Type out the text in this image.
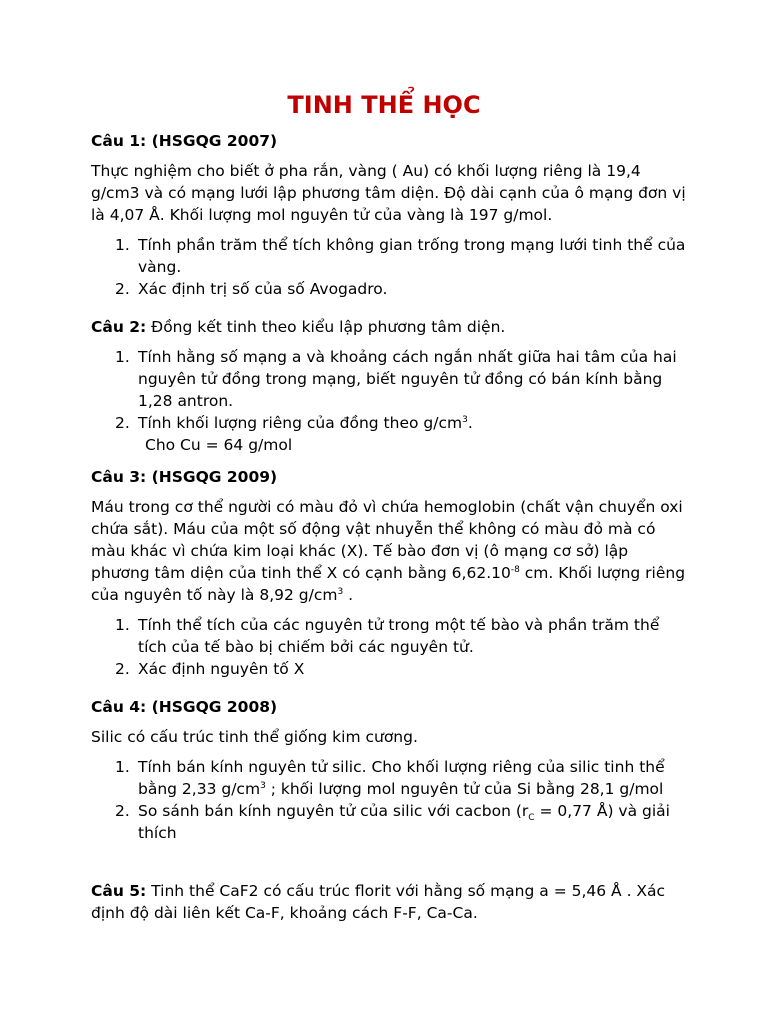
TINH THỂ HỌC

Câu 1: (HSGQG 2007)

Thực nghiệm cho biết ở pha rắn, vàng ( Au) có khối lượng riêng là 19,4 g/cm3 và có mạng lưới lập phương tâm diện. Độ dài cạnh của ô mạng đơn vị là 4,07 Å. Khối lượng mol nguyên tử của vàng là 197 g/mol.

1. Tính phần trăm thể tích không gian trống trong mạng lưới tinh thể của vàng.
2. Xác định trị số của số Avogadro.

Câu 2: Đồng kết tinh theo kiểu lập phương tâm diện.

1. Tính hằng số mạng a và khoảng cách ngắn nhất giữa hai tâm của hai nguyên tử đồng trong mạng, biết nguyên tử đồng có bán kính bằng 1,28 antron.
2. Tính khối lượng riêng của đồng theo $g/cm^3$.

Cho Cu = 64 g/mol

Câu 3: (HSGQG 2009)

Máu trong cơ thể người có màu đỏ vì chứa hemoglobin (chất vận chuyển oxi chứa sắt). Máu của một số động vật nhuyễn thể không có màu đỏ mà có màu khác vì chứa kim loại khác (X). Tế bào đơn vị (ô mạng cơ sở) lập phương tâm diện của tinh thể X có cạnh bằng $6,62.10^{-8}$ cm. Khối lượng riêng của nguyên tố này là 8,92 $g/cm^3$ .

1. Tính thể tích của các nguyên tử trong một tế bào và phần trăm thể tích của tế bào bị chiếm bởi các nguyên tử.
2. Xác định nguyên tố X

Câu 4: (HSGQG 2008)

Silic có cấu trúc tinh thể giống kim cương.

1. Tính bán kính nguyên tử silic. Cho khối lượng riêng của silic tinh thể bằng 2,33 $g/cm^3$ ; khối lượng mol nguyên tử của Si bằng 28,1 g/mol
2. So sánh bán kính nguyên tử của silic với cacbon ($r_C = 0,77$ Å) và giải thích

Câu 5: Tinh thể CaF2 có cấu trúc florit với hằng số mạng a = 5,46 Å . Xác định độ dài liên kết Ca-F, khoảng cách F-F, Ca-Ca.
